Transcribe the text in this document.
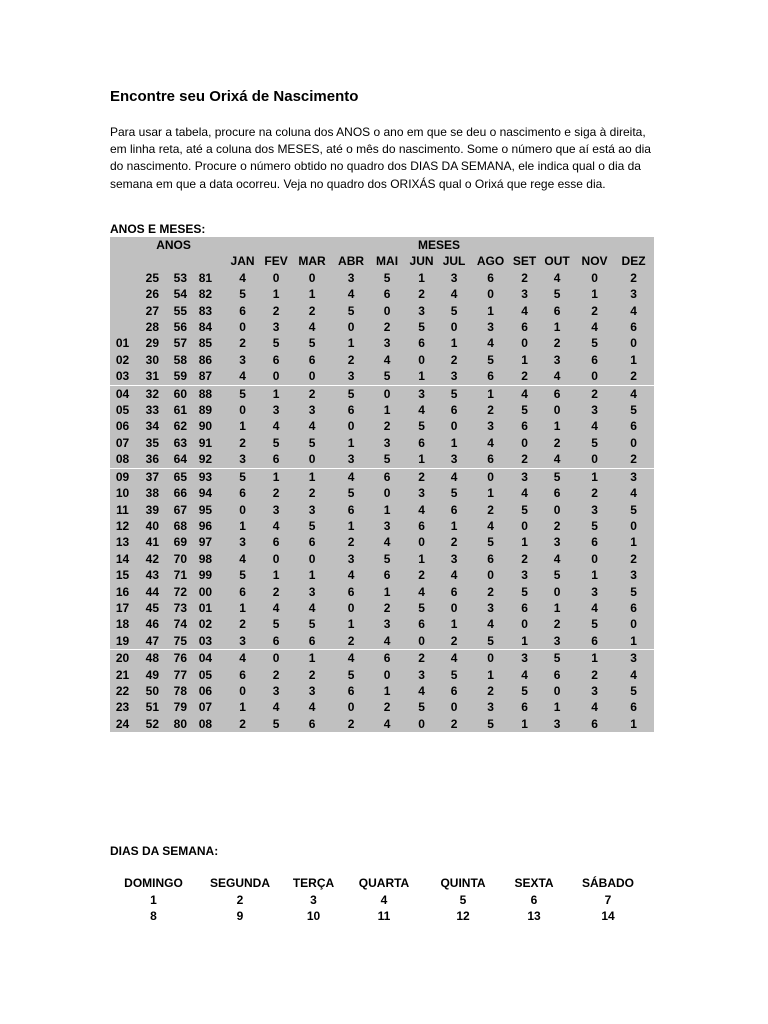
Encontre seu Orixá de Nascimento

Para usar a tabela, procure na coluna dos ANOS o ano em que se deu o nascimento e siga à direita, em linha reta, até a coluna dos MESES, até o mês do nascimento. Some o número que aí está ao dia do nascimento. Procure o número obtido no quadro dos DIAS DA SEMANA, ele indica qual o dia da semana em que a data ocorreu. Veja no quadro dos ORIXÁS qual o Orixá que rege esse dia.

ANOS E MESES:
ANOS					MESES											
					JAN	FEV	MAR	ABR	MAI	JUN	JUL	AGO	SET	OUT	NOV	DEZ
	25	53	81		4	0	0	3	5	1	3	6	2	4	0	2
	26	54	82		5	1	1	4	6	2	4	0	3	5	1	3
	27	55	83		6	2	2	5	0	3	5	1	4	6	2	4
	28	56	84		0	3	4	0	2	5	0	3	6	1	4	6
01	29	57	85		2	5	5	1	3	6	1	4	0	2	5	0
02	30	58	86		3	6	6	2	4	0	2	5	1	3	6	1
03	31	59	87		4	0	0	3	5	1	3	6	2	4	0	2
04	32	60	88		5	1	2	5	0	3	5	1	4	6	2	4
05	33	61	89		0	3	3	6	1	4	6	2	5	0	3	5
06	34	62	90		1	4	4	0	2	5	0	3	6	1	4	6
07	35	63	91		2	5	5	1	3	6	1	4	0	2	5	0
08	36	64	92		3	6	0	3	5	1	3	6	2	4	0	2
09	37	65	93		5	1	1	4	6	2	4	0	3	5	1	3
10	38	66	94		6	2	2	5	0	3	5	1	4	6	2	4
11	39	67	95		0	3	3	6	1	4	6	2	5	0	3	5
12	40	68	96		1	4	5	1	3	6	1	4	0	2	5	0
13	41	69	97		3	6	6	2	4	0	2	5	1	3	6	1
14	42	70	98		4	0	0	3	5	1	3	6	2	4	0	2
15	43	71	99		5	1	1	4	6	2	4	0	3	5	1	3
16	44	72	00		6	2	3	6	1	4	6	2	5	0	3	5
17	45	73	01		1	4	4	0	2	5	0	3	6	1	4	6
18	46	74	02		2	5	5	1	3	6	1	4	0	2	5	0
19	47	75	03		3	6	6	2	4	0	2	5	1	3	6	1
20	48	76	04		4	0	1	4	6	2	4	0	3	5	1	3
21	49	77	05		6	2	2	5	0	3	5	1	4	6	2	4
22	50	78	06		0	3	3	6	1	4	6	2	5	0	3	5
23	51	79	07		1	4	4	0	2	5	0	3	6	1	4	6
24	52	80	08		2	5	6	2	4	0	2	5	1	3	6	1
DIAS DA SEMANA:
DOMINGO	SEGUNDA	TERÇA	QUARTA	QUINTA	SEXTA	SÁBADO
1	2	3	4	5	6	7
8	9	10	11	12	13	14
